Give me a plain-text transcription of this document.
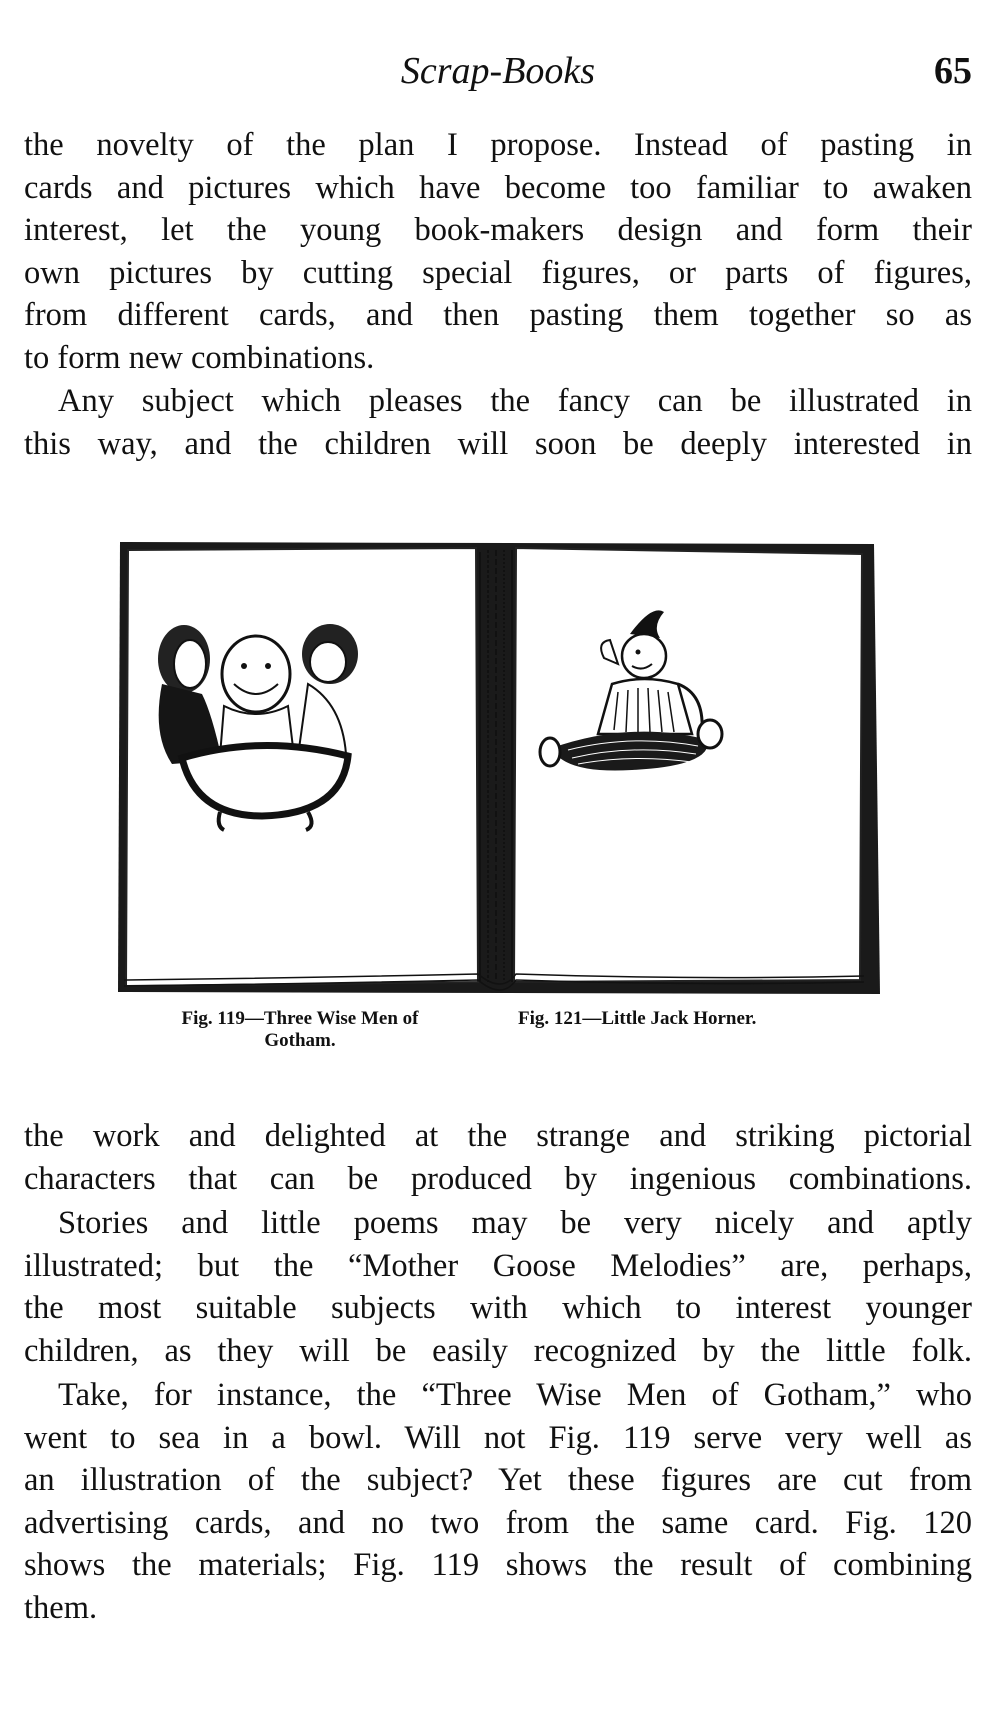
Scrap-Books	65

the novelty of the plan I propose. Instead of pasting in
cards and pictures which have become too familiar to awaken
interest, let the young book-makers design and form their
own pictures by cutting special figures, or parts of figures,
from different cards, and then pasting them together so as
to form new combinations.

Any subject which pleases the fancy can be illustrated in
this way, and the children will soon be deeply interested in

Fig. 119—Three Wise Men of
Gotham.
Fig. 121—Little Jack Horner.

the work and delighted at the strange and striking pictorial
characters that can be produced by ingenious combinations.

Stories and little poems may be very nicely and aptly
illustrated; but the “Mother Goose Melodies” are, perhaps,
the most suitable subjects with which to interest younger
children, as they will be easily recognized by the little folk.

Take, for instance, the “Three Wise Men of Gotham,” who
went to sea in a bowl. Will not Fig. 119 serve very well as
an illustration of the subject? Yet these figures are cut from
advertising cards, and no two from the same card. Fig. 120
shows the materials; Fig. 119 shows the result of combining
them.
